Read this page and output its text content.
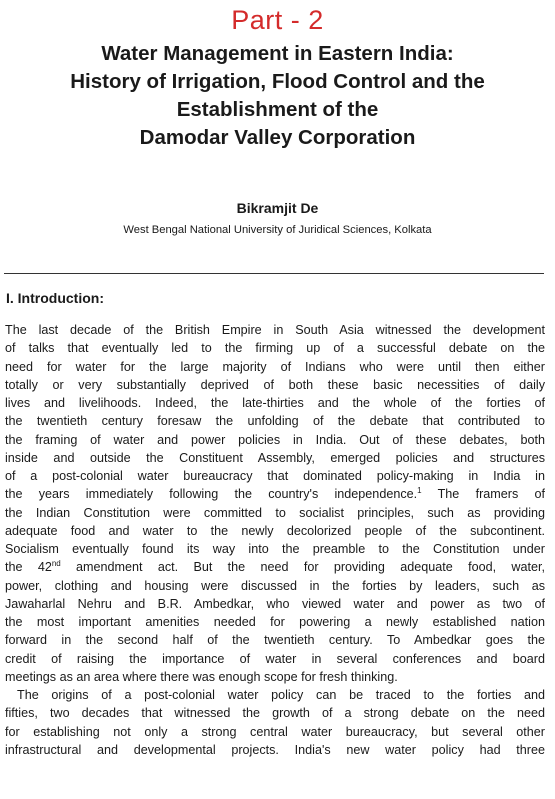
Part - 2
Water Management in Eastern India:
History of Irrigation, Flood Control and the
Establishment of the
Damodar Valley Corporation
Bikramjit De
West Bengal National University of Juridical Sciences, Kolkata
I. Introduction:
The last decade of the British Empire in South Asia witnessed the development
of talks that eventually led to the firming up of a successful debate on the
need for water for the large majority of Indians who were until then either
totally or very substantially deprived of both these basic necessities of daily
lives and livelihoods. Indeed, the late-thirties and the whole of the forties of
the twentieth century foresaw the unfolding of the debate that contributed to
the framing of water and power policies in India. Out of these debates, both
inside and outside the Constituent Assembly, emerged policies and structures
of a post-colonial water bureaucracy that dominated policy-making in India in
the years immediately following the country's independence.$^1$ The framers of
the Indian Constitution were committed to socialist principles, such as providing
adequate food and water to the newly decolorized people of the subcontinent.
Socialism eventually found its way into the preamble to the Constitution under
the 42nd amendment act. But the need for providing adequate food, water,
power, clothing and housing were discussed in the forties by leaders, such as
Jawaharlal Nehru and B.R. Ambedkar, who viewed water and power as two of
the most important amenities needed for powering a newly established nation
forward in the second half of the twentieth century. To Ambedkar goes the
credit of raising the importance of water in several conferences and board
meetings as an area where there was enough scope for fresh thinking.
The origins of a post-colonial water policy can be traced to the forties and
fifties, two decades that witnessed the growth of a strong debate on the need
for establishing not only a strong central water bureaucracy, but several other
infrastructural and developmental projects. India's new water policy had three
